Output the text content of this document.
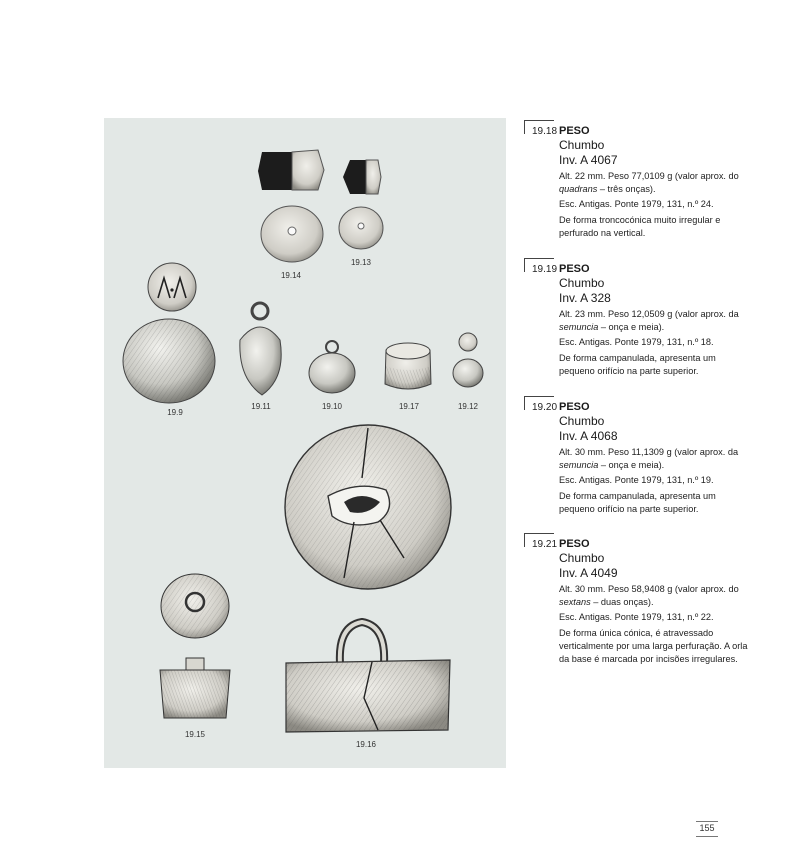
19.14
19.13
19.9
19.11	19.10	19.17	19.12
19.15
19.16
19.18 PESO
Chumbo
Inv. A 4067

Alt. 22 mm. Peso 77,0109 g (valor aprox. do quadrans – três onças).

Esc. Antigas. Ponte 1979, 131, n.º 24.

De forma troncocónica muito irregular e perfurado na vertical.

19.19 PESO
Chumbo
Inv. A 328

Alt. 23 mm. Peso 12,0509 g (valor aprox. da semuncia – onça e meia).

Esc. Antigas. Ponte 1979, 131, n.º 18.

De forma campanulada, apresenta um pequeno orifício na parte superior.

19.20 PESO
Chumbo
Inv. A 4068

Alt. 30 mm. Peso 11,1309 g (valor aprox. da semuncia – onça e meia).

Esc. Antigas. Ponte 1979, 131, n.º 19.

De forma campanulada, apresenta um pequeno orifício na parte superior.

19.21 PESO
Chumbo
Inv. A 4049

Alt. 30 mm. Peso 58,9408 g (valor aprox. do sextans – duas onças).

Esc. Antigas. Ponte 1979, 131, n.º 22.

De forma única cónica, é atravessado verticalmente por uma larga perfuração. A orla da base é marcada por incisões irregulares.

155
